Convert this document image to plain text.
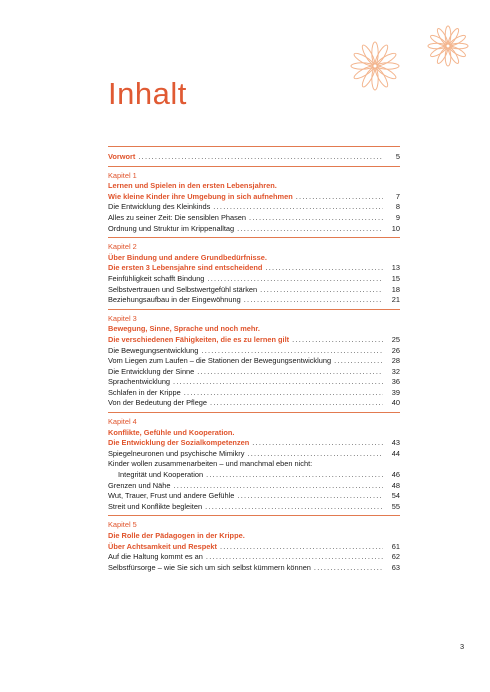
Inhalt
Vorwort . . .	5
Kapitel 1
Lernen und Spielen in den ersten Lebensjahren.
Wie kleine Kinder ihre Umgebung in sich aufnehmen . . .	7
Die Entwicklung des Kleinkinds . . .	8
Alles zu seiner Zeit: Die sensiblen Phasen . . .	9
Ordnung und Struktur im Krippenalltag . . .	10
Kapitel 2
Über Bindung und andere Grundbedürfnisse.
Die ersten 3 Lebensjahre sind entscheidend . . .	13
Feinfühligkeit schafft Bindung . . .	15
Selbstvertrauen und Selbstwertgefühl stärken . . .	18
Beziehungsaufbau in der Eingewöhnung . . .	21
Kapitel 3
Bewegung, Sinne, Sprache und noch mehr.
Die verschiedenen Fähigkeiten, die es zu lernen gilt . . .	25
Die Bewegungsentwicklung . . .	26
Vom Liegen zum Laufen – die Stationen der Bewegungsentwicklung . . .	28
Die Entwicklung der Sinne . . .	32
Sprachentwicklung . . .	36
Schlafen in der Krippe . . .	39
Von der Bedeutung der Pflege . . .	40
Kapitel 4
Konflikte, Gefühle und Kooperation.
Die Entwicklung der Sozialkompetenzen . . .	43
Spiegelneuronen und psychische Mimikry . . .	44
Kinder wollen zusammenarbeiten – und manchmal eben nicht:
Integrität und Kooperation . . .	46
Grenzen und Nähe . . .	48
Wut, Trauer, Frust und andere Gefühle . . .	54
Streit und Konflikte begleiten . . .	55
Kapitel 5
Die Rolle der Pädagogen in der Krippe.
Über Achtsamkeit und Respekt . . .	61
Auf die Haltung kommt es an . . .	62
Selbstfürsorge – wie Sie sich um sich selbst kümmern können . . .	63
3
